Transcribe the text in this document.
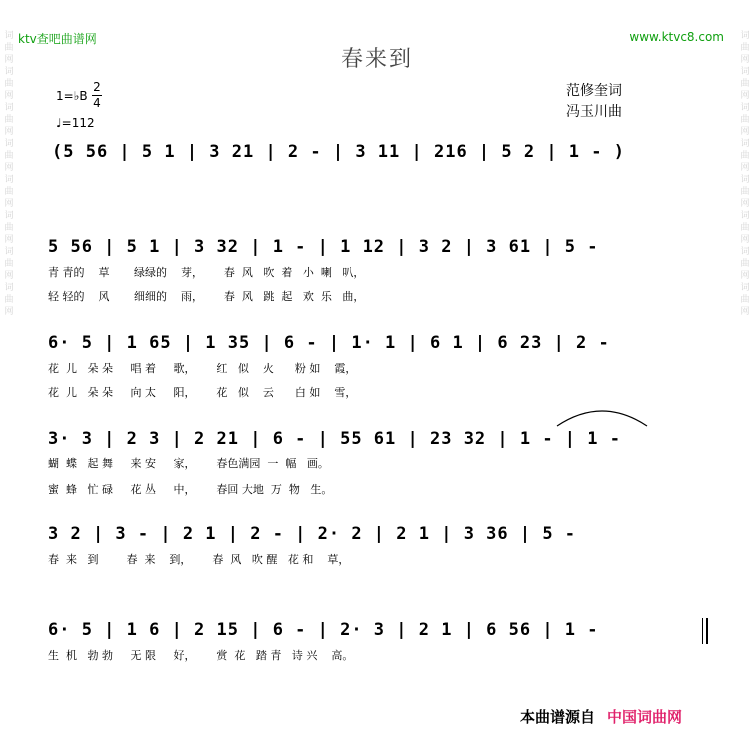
词曲网词曲网词曲网词曲网词曲网词曲网词曲网词曲网
词曲网词曲网词曲网词曲网词曲网词曲网词曲网词曲网
ktv查吧曲谱网	www.ktvc8.com
春来到
1=♭B
2
4
♩=112
范修奎词
冯玉川曲
(5 56 | 5 1 | 3 21 | 2 - | 3 11 | 216 | 5 2 | 1 - )
5 56 | 5 1 | 3 32 | 1 - | 1 12 | 3 2 | 3 61 | 5 -
青 青的    草       绿绿的    芽，      春  风   吹  着   小  喇   叭，
轻 轻的    风       细细的    雨，      春  风   跳  起   欢  乐   曲，
6· 5 | 1 65 | 1 35 | 6 - | 1· 1 | 6 1 | 6 23 | 2 -
花  儿   朵 朵     唱 着     歌，      红   似    火      粉 如    霞，
花  儿   朵 朵     向 太     阳，      花   似    云      白 如    雪，
3· 3 | 2 3 | 2 21 | 6 - | 55 61 | 23 32 | 1 - | 1 -
蝴  蝶   起 舞     来 安     家，      春色满园  一  幅   画。
蜜  蜂   忙 碌     花 丛     中，      春回 大地  万  物   生。
3 2 | 3 - | 2 1 | 2 - | 2· 2 | 2 1 | 3 36 | 5 -
春  来   到        春  来    到，      春  风   吹 醒   花 和    草，
6· 5 | 1 6 | 2 15 | 6 - | 2· 3 | 2 1 | 6 56 | 1 -
生  机   勃 勃     无 限     好，      赏  花   踏 青   诗 兴    高。
本曲谱源自 中国词曲网
